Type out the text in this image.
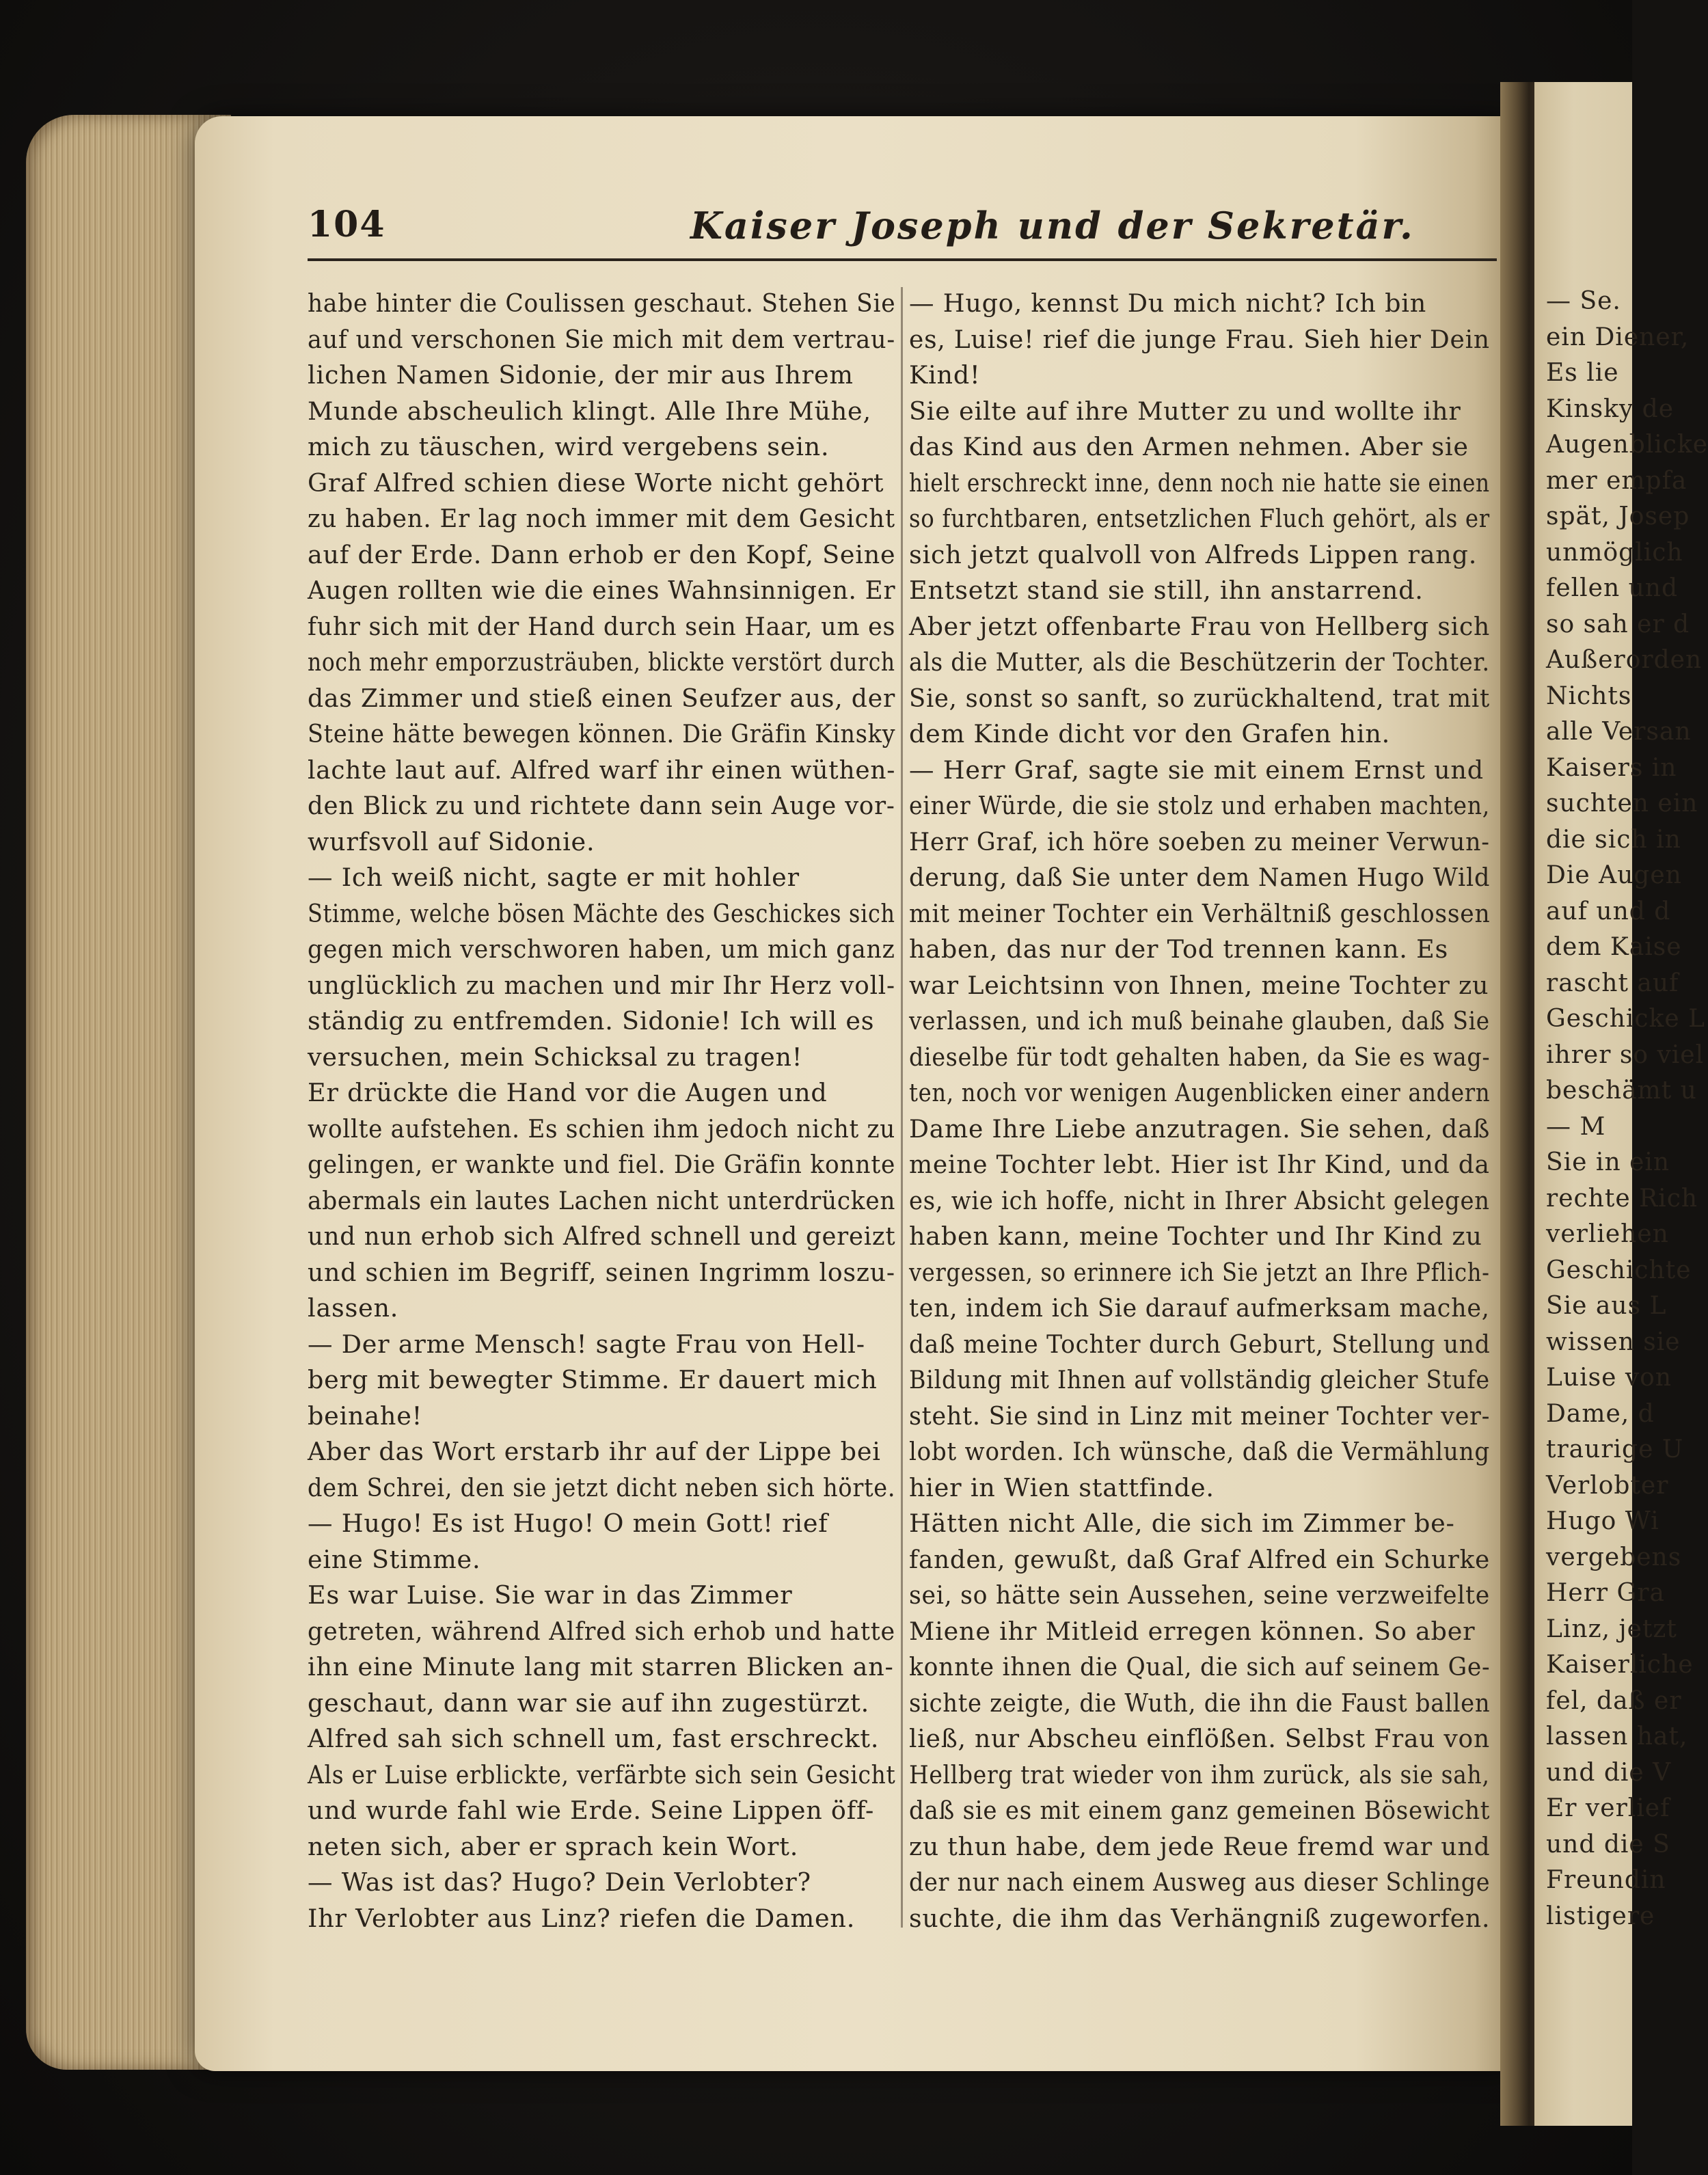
104	Kaiser Joseph und der Sekretär.
habe hinter die Coulissen geschaut. Stehen Sie
auf und verschonen Sie mich mit dem vertrau-
lichen Namen Sidonie, der mir aus Ihrem
Munde abscheulich klingt. Alle Ihre Mühe,
mich zu täuschen, wird vergebens sein.
Graf Alfred schien diese Worte nicht gehört
zu haben. Er lag noch immer mit dem Gesicht
auf der Erde. Dann erhob er den Kopf, Seine
Augen rollten wie die eines Wahnsinnigen. Er
fuhr sich mit der Hand durch sein Haar, um es
noch mehr emporzusträuben, blickte verstört durch
das Zimmer und stieß einen Seufzer aus, der
Steine hätte bewegen können. Die Gräfin Kinsky
lachte laut auf. Alfred warf ihr einen wüthen-
den Blick zu und richtete dann sein Auge vor-
wurfsvoll auf Sidonie.
— Ich weiß nicht, sagte er mit hohler
Stimme, welche bösen Mächte des Geschickes sich
gegen mich verschworen haben, um mich ganz
unglücklich zu machen und mir Ihr Herz voll-
ständig zu entfremden. Sidonie! Ich will es
versuchen, mein Schicksal zu tragen!
Er drückte die Hand vor die Augen und
wollte aufstehen. Es schien ihm jedoch nicht zu
gelingen, er wankte und fiel. Die Gräfin konnte
abermals ein lautes Lachen nicht unterdrücken
und nun erhob sich Alfred schnell und gereizt
und schien im Begriff, seinen Ingrimm loszu-
lassen.
— Der arme Mensch! sagte Frau von Hell-
berg mit bewegter Stimme. Er dauert mich
beinahe!
Aber das Wort erstarb ihr auf der Lippe bei
dem Schrei, den sie jetzt dicht neben sich hörte.
— Hugo! Es ist Hugo! O mein Gott! rief
eine Stimme.
Es war Luise. Sie war in das Zimmer
getreten, während Alfred sich erhob und hatte
ihn eine Minute lang mit starren Blicken an-
geschaut, dann war sie auf ihn zugestürzt.
Alfred sah sich schnell um, fast erschreckt.
Als er Luise erblickte, verfärbte sich sein Gesicht
und wurde fahl wie Erde. Seine Lippen öff-
neten sich, aber er sprach kein Wort.
— Was ist das? Hugo? Dein Verlobter?
Ihr Verlobter aus Linz? riefen die Damen.
— Hugo, kennst Du mich nicht? Ich bin
es, Luise! rief die junge Frau. Sieh hier Dein
Kind!
Sie eilte auf ihre Mutter zu und wollte ihr
das Kind aus den Armen nehmen. Aber sie
hielt erschreckt inne, denn noch nie hatte sie einen
so furchtbaren, entsetzlichen Fluch gehört, als er
sich jetzt qualvoll von Alfreds Lippen rang.
Entsetzt stand sie still, ihn anstarrend.
Aber jetzt offenbarte Frau von Hellberg sich
als die Mutter, als die Beschützerin der Tochter.
Sie, sonst so sanft, so zurückhaltend, trat mit
dem Kinde dicht vor den Grafen hin.
— Herr Graf, sagte sie mit einem Ernst und
einer Würde, die sie stolz und erhaben machten,
Herr Graf, ich höre soeben zu meiner Verwun-
derung, daß Sie unter dem Namen Hugo Wild
mit meiner Tochter ein Verhältniß geschlossen
haben, das nur der Tod trennen kann. Es
war Leichtsinn von Ihnen, meine Tochter zu
verlassen, und ich muß beinahe glauben, daß Sie
dieselbe für todt gehalten haben, da Sie es wag-
ten, noch vor wenigen Augenblicken einer andern
Dame Ihre Liebe anzutragen. Sie sehen, daß
meine Tochter lebt. Hier ist Ihr Kind, und da
es, wie ich hoffe, nicht in Ihrer Absicht gelegen
haben kann, meine Tochter und Ihr Kind zu
vergessen, so erinnere ich Sie jetzt an Ihre Pflich-
ten, indem ich Sie darauf aufmerksam mache,
daß meine Tochter durch Geburt, Stellung und
Bildung mit Ihnen auf vollständig gleicher Stufe
steht. Sie sind in Linz mit meiner Tochter ver-
lobt worden. Ich wünsche, daß die Vermählung
hier in Wien stattfinde.
Hätten nicht Alle, die sich im Zimmer be-
fanden, gewußt, daß Graf Alfred ein Schurke
sei, so hätte sein Aussehen, seine verzweifelte
Miene ihr Mitleid erregen können. So aber
konnte ihnen die Qual, die sich auf seinem Ge-
sichte zeigte, die Wuth, die ihn die Faust ballen
ließ, nur Abscheu einflößen. Selbst Frau von
Hellberg trat wieder von ihm zurück, als sie sah,
daß sie es mit einem ganz gemeinen Bösewicht
zu thun habe, dem jede Reue fremd war und
der nur nach einem Ausweg aus dieser Schlinge
suchte, die ihm das Verhängniß zugeworfen.
— Se.
ein Diener,
Es lie
Kinsky de
Augenblicke
mer empfa
spät, Josep
unmöglich
fellen und
so sah er d
Außerorden
Nichts
alle Versan
Kaisers in
suchten ein
die sich in
Die Augen
auf und d
dem Kaise
rascht auf
Geschicke L
ihrer so viel
beschämt u
— M
Sie in ein
rechte Rich
verliehen
Geschichte
Sie aus L
wissen sie
Luise von
Dame, d
traurige U
Verlobter
Hugo Wi
vergebens
Herr Gra
Linz, jetzt
Kaiserliche
fel, daß er
lassen hat,
und die V
Er verlief
und die S
Freundin
listigere
